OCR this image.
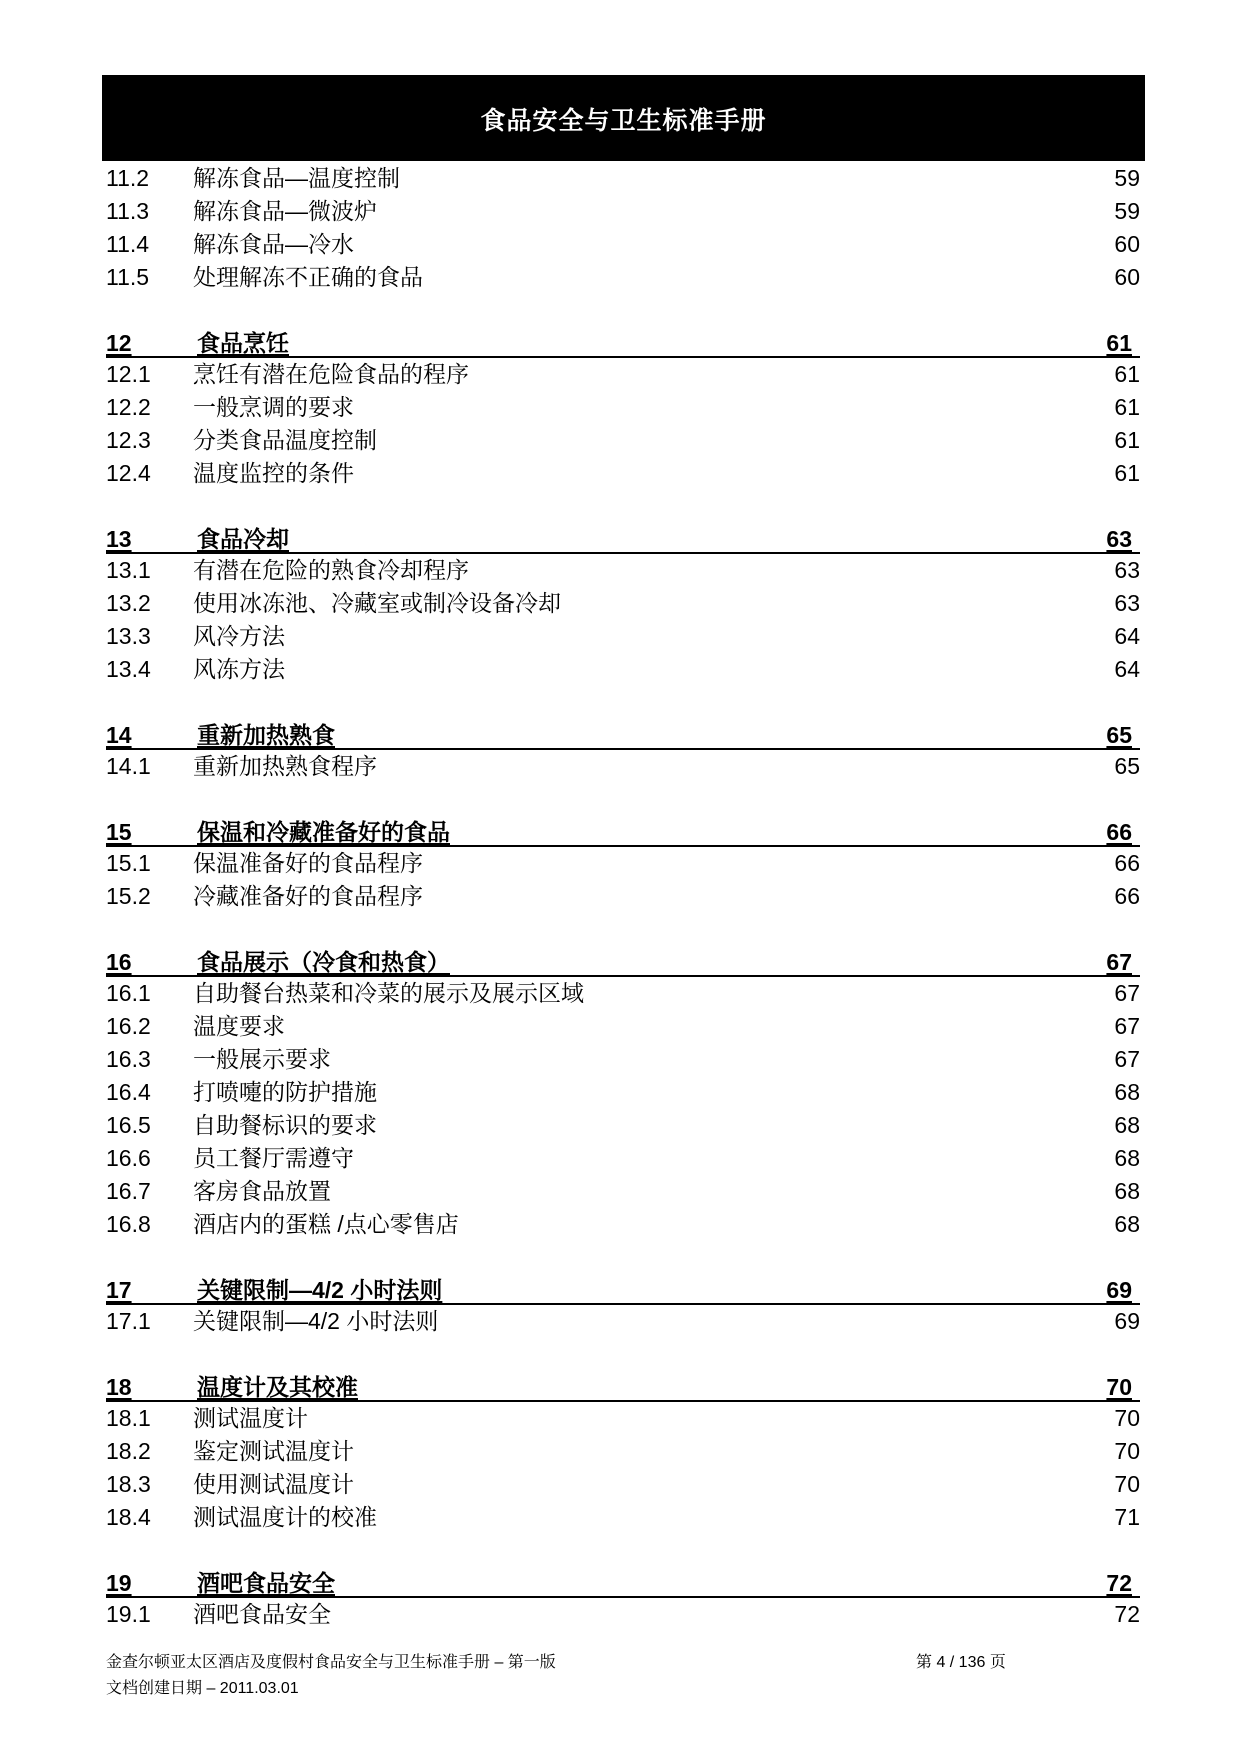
食品安全与卫生标准手册
11.2 解冻食品—温度控制	59
11.3 解冻食品—微波炉	59
11.4 解冻食品—冷水	60
11.5 处理解冻不正确的食品	60
12	食品烹饪	61
12.1 烹饪有潜在危险食品的程序	61
12.2 一般烹调的要求	61
12.3 分类食品温度控制	61
12.4 温度监控的条件	61
13	食品冷却	63
13.1 有潜在危险的熟食冷却程序	63
13.2 使用冰冻池、冷藏室或制冷设备冷却	63
13.3 风冷方法	64
13.4 风冻方法	64
14	重新加热熟食	65
14.1 重新加热熟食程序	65
15	保温和冷藏准备好的食品	66
15.1 保温准备好的食品程序	66
15.2 冷藏准备好的食品程序	66
16	食品展示（冷食和热食）	67
16.1 自助餐台热菜和冷菜的展示及展示区域	67
16.2 温度要求	67
16.3 一般展示要求	67
16.4 打喷嚏的防护措施	68
16.5 自助餐标识的要求	68
16.6 员工餐厅需遵守	68
16.7 客房食品放置	68
16.8 酒店内的蛋糕 /点心零售店	68
17	关键限制—4/2 小时法则	69
17.1 关键限制—4/2 小时法则	69
18	温度计及其校准	70
18.1 测试温度计	70
18.2 鉴定测试温度计	70
18.3 使用测试温度计	70
18.4 测试温度计的校准	71
19	酒吧食品安全	72
19.1 酒吧食品安全	72
金查尔顿亚太区酒店及度假村食品安全与卫生标准手册 – 第一版
文档创建日期 – 2011.03.01
第 4 / 136 页
